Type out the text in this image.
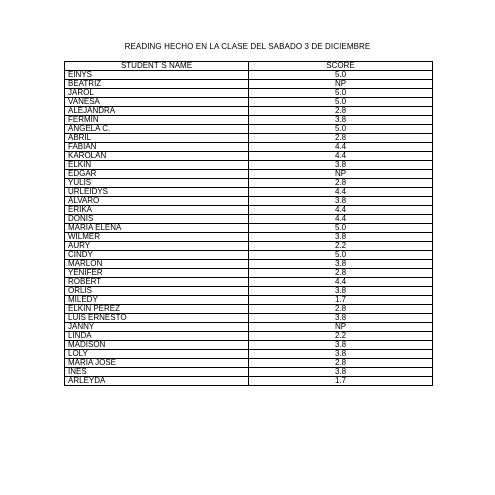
READING HECHO EN LA CLASE DEL SABADO 3 DE DICIEMBRE
STUDENT`S NAME	SCORE
EINYS	5.0
BEATRIZ	NP
JAROL	5.0
VANESA	5.0
ALEJANDRA	2.8
FERMIN	3.8
ANGELA C.	5.0
ABRIL	2.8
FABIAN	4.4
KAROLAN	4.4
ELKIN	3.8
EDGAR	NP
YULIS	2.8
URLEIDYS	4.4
ALVARO	3.8
ERIKA	4.4
DONIS	4.4
MARIA ELENA	5.0
WILMER	3.8
AURY	2.2
CINDY	5.0
MARLON	3.8
YENIFER	2.8
ROBERT	4.4
ORLIS	3.8
MILEDY	1.7
ELKIN PEREZ	2.8
LUIS ERNESTO	3.8
JANNY	NP
LINDA	2.2
MADISON	3.8
LOLY	3.8
MARIA JOSE	2.8
INES	3.8
ARLEYDA	1.7
